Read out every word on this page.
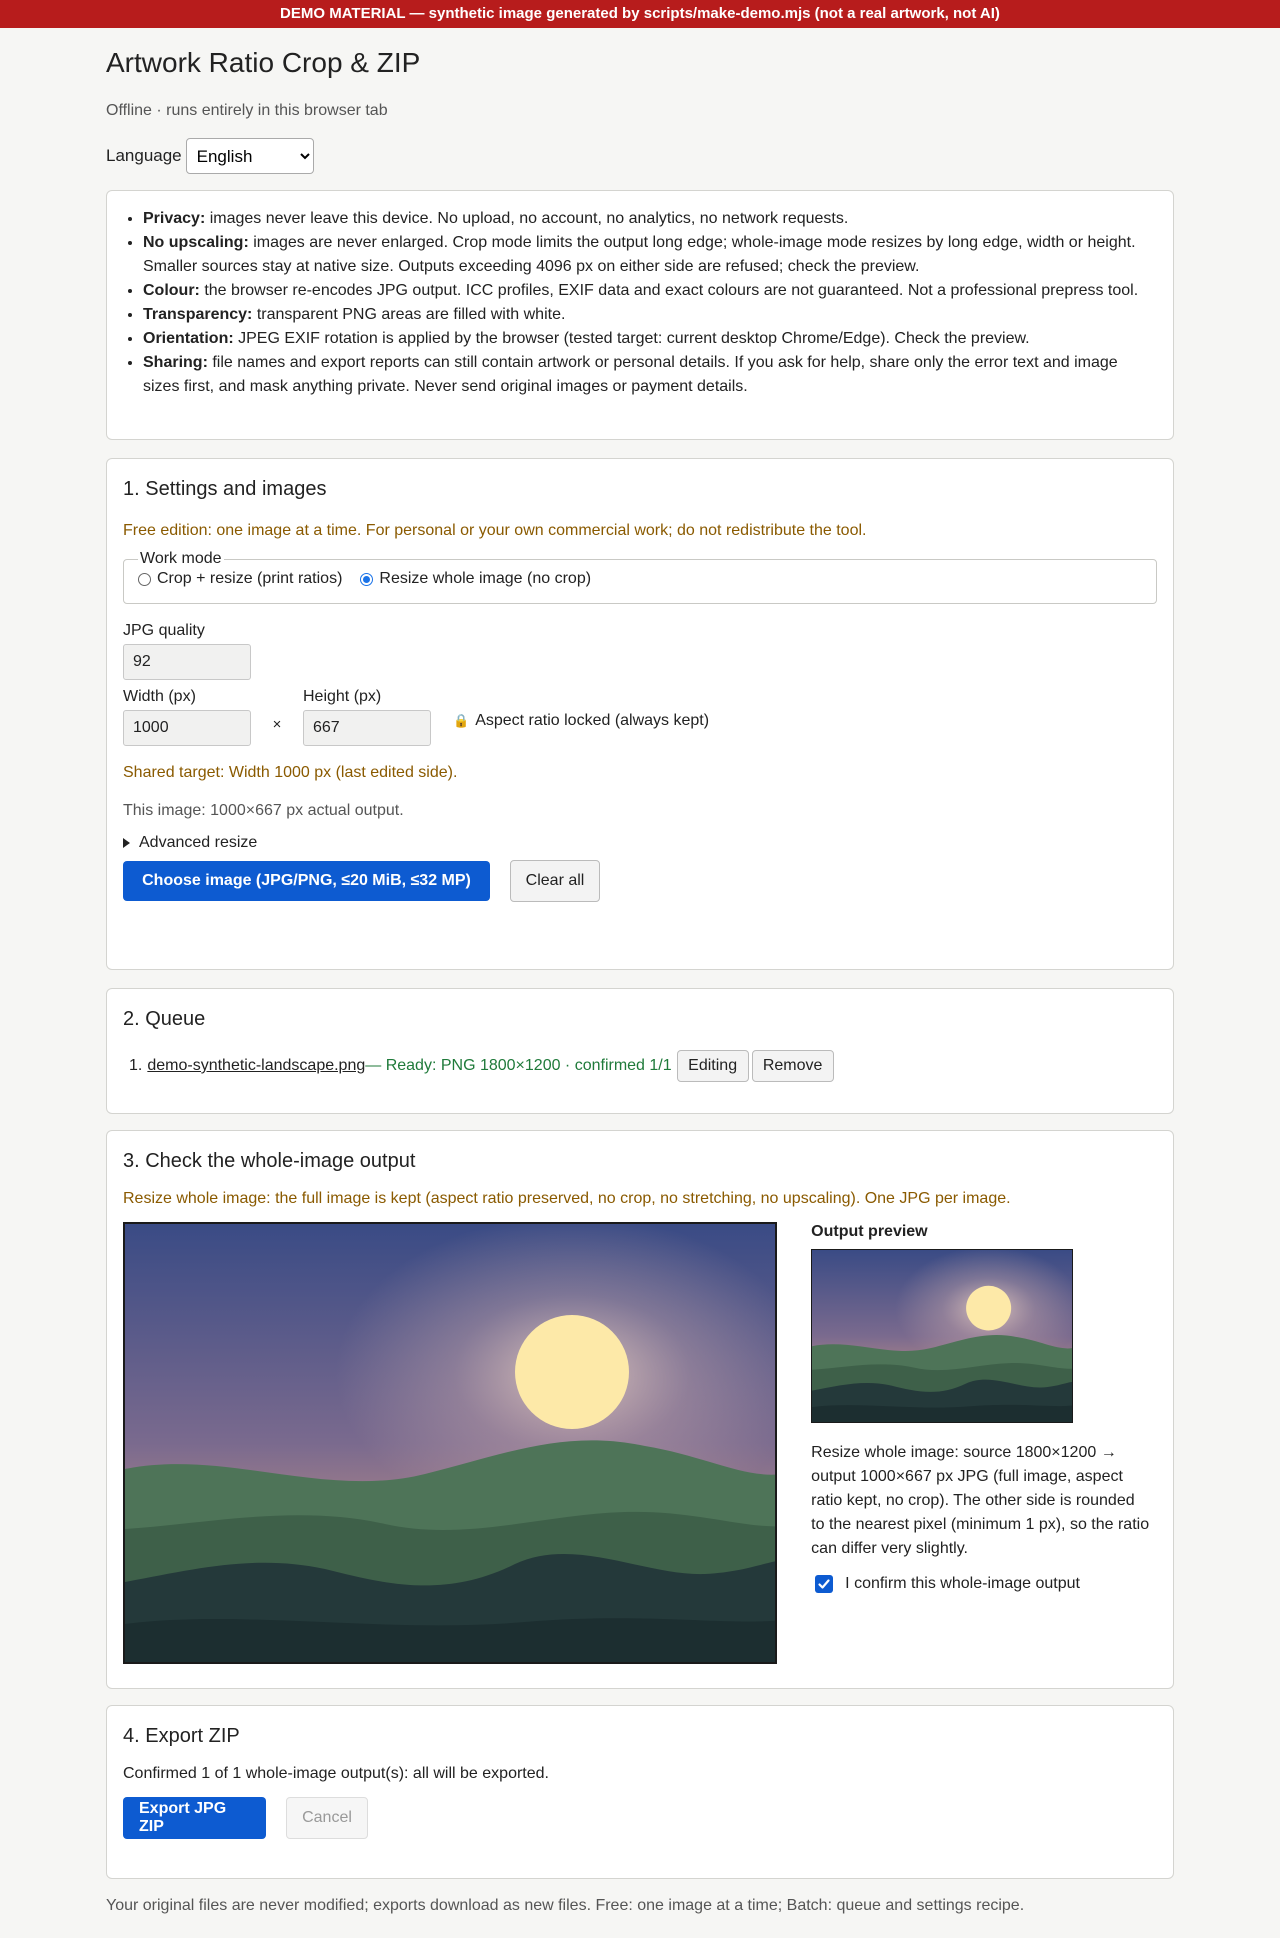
DEMO MATERIAL — synthetic image generated by scripts/make-demo.mjs (not a real artwork, not AI)
Artwork Ratio Crop & ZIP
Offline · runs entirely in this browser tab
Language
English
• Privacy: images never leave this device. No upload, no account, no analytics, no network requests.
• No upscaling: images are never enlarged. Crop mode limits the output long edge; whole-image mode resizes by long edge, width or height. Smaller sources stay at native size. Outputs exceeding 4096 px on either side are refused; check the preview.
• Colour: the browser re-encodes JPG output. ICC profiles, EXIF data and exact colours are not guaranteed. Not a professional prepress tool.
• Transparency: transparent PNG areas are filled with white.
• Orientation: JPEG EXIF rotation is applied by the browser (tested target: current desktop Chrome/Edge). Check the preview.
• Sharing: file names and export reports can still contain artwork or personal details. If you ask for help, share only the error text and image sizes first, and mask anything private. Never send original images or payment details.
1. Settings and images
Free edition: one image at a time. For personal or your own commercial work; do not redistribute the tool.
Work mode
Crop + resize (print ratios) Resize whole image (no crop)
JPG quality
92
Width (px)
1000	×
Height (px)
667	🔒 Aspect ratio locked (always kept)
Shared target: Width 1000 px (last edited side).
This image: 1000×667 px actual output.
Advanced resize
Choose image (JPG/PNG, ≤20 MiB, ≤32 MP)	Clear all
2. Queue
1. demo-synthetic-landscape.png — Ready: PNG 1800×1200 · confirmed 1/1	Editing	Remove
3. Check the whole-image output
Resize whole image: the full image is kept (aspect ratio preserved, no crop, no stretching, no upscaling). One JPG per image.
Output preview
Resize whole image: source 1800×1200 → output 1000×667 px JPG (full image, aspect ratio kept, no crop). The other side is rounded to the nearest pixel (minimum 1 px), so the ratio can differ very slightly.
I confirm this whole-image output
4. Export ZIP
Confirmed 1 of 1 whole-image output(s): all will be exported.
Export JPG ZIP
Cancel
Your original files are never modified; exports download as new files. Free: one image at a time; Batch: queue and settings recipe.
